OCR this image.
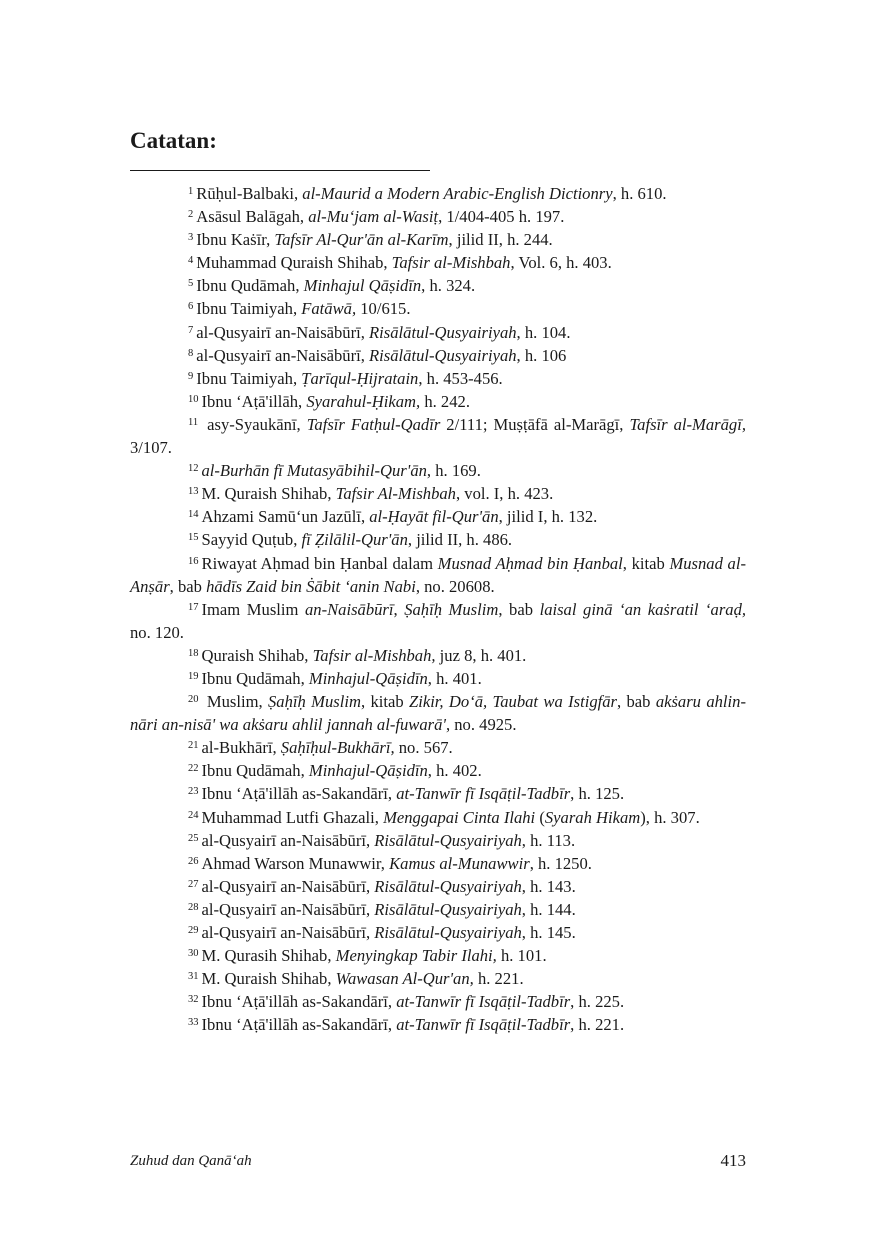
Catatan:
$^1$ Rūḥul-Balbaki, al-Maurid a Modern Arabic-English Dictionry, h. 610.
$^2$ Asāsul Balāgah, al-Mu‘jam al-Wasiṭ, 1/404-405 h. 197.
$^3$ Ibnu Kaṡīr, Tafsīr Al-Qur'ān al-Karīm, jilid II, h. 244.
$^4$ Muhammad Quraish Shihab, Tafsir al-Mishbah, Vol. 6, h. 403.
$^5$ Ibnu Qudāmah, Minhajul Qāṣidīn, h. 324.
$^6$ Ibnu Taimiyah, Fatāwā, 10/615.
$^7$ al-Qusyairī an-Naisābūrī, Risālātul-Qusyairiyah, h. 104.
$^8$ al-Qusyairī an-Naisābūrī, Risālātul-Qusyairiyah, h. 106
$^9$ Ibnu Taimiyah, Ṭarīqul-Ḥijratain, h. 453-456.
$^{10}$ Ibnu ‘Aṭā'illāh, Syarahul-Ḥikam, h. 242.
$^{11}$ asy-Syaukānī, Tafsīr Fatḥul-Qadīr 2/111; Muṣṭāfā al-Marāgī, Tafsīr al-Marāgī, 3/107.
$^{12}$ al-Burhān fī Mutasyābihil-Qur'ān, h. 169.
$^{13}$ M. Quraish Shihab, Tafsir Al-Mishbah, vol. I, h. 423.
$^{14}$ Ahzami Samū‘un Jazūlī, al-Ḥayāt fil-Qur'ān, jilid I, h. 132.
$^{15}$ Sayyid Quṭub, fī Ẓilālil-Qur'ān, jilid II, h. 486.
$^{16}$ Riwayat Aḥmad bin Ḥanbal dalam Musnad Aḥmad bin Ḥanbal, kitab Musnad al-Anṣār, bab hādīs Zaid bin Ṡābit ‘anin Nabi, no. 20608.
$^{17}$ Imam Muslim an-Naisābūrī, Ṣaḥīḥ Muslim, bab laisal ginā ‘an kaṡratil ‘araḍ, no. 120.
$^{18}$ Quraish Shihab, Tafsir al-Mishbah, juz 8, h. 401.
$^{19}$ Ibnu Qudāmah, Minhajul-Qāṣidīn, h. 401.
$^{20}$ Muslim, Ṣaḥīḥ Muslim, kitab Zikir, Do‘ā, Taubat wa Istigfār, bab akṡaru ahlin-nāri an-nisā' wa akṡaru ahlil jannah al-fuwarā', no. 4925.
$^{21}$ al-Bukhārī, Ṣaḥīḥul-Bukhārī, no. 567.
$^{22}$ Ibnu Qudāmah, Minhajul-Qāṣidīn, h. 402.
$^{23}$ Ibnu ‘Aṭā'illāh as-Sakandārī, at-Tanwīr fī Isqāṭil-Tadbīr, h. 125.
$^{24}$ Muhammad Lutfi Ghazali, Menggapai Cinta Ilahi (Syarah Hikam), h. 307.
$^{25}$ al-Qusyairī an-Naisābūrī, Risālātul-Qusyairiyah, h. 113.
$^{26}$ Ahmad Warson Munawwir, Kamus al-Munawwir, h. 1250.
$^{27}$ al-Qusyairī an-Naisābūrī, Risālātul-Qusyairiyah, h. 143.
$^{28}$ al-Qusyairī an-Naisābūrī, Risālātul-Qusyairiyah, h. 144.
$^{29}$ al-Qusyairī an-Naisābūrī, Risālātul-Qusyairiyah, h. 145.
$^{30}$ M. Qurasih Shihab, Menyingkap Tabir Ilahi, h. 101.
$^{31}$ M. Quraish Shihab, Wawasan Al-Qur'an, h. 221.
$^{32}$ Ibnu ‘Aṭā'illāh as-Sakandārī, at-Tanwīr fī Isqāṭil-Tadbīr, h. 225.
$^{33}$ Ibnu ‘Aṭā'illāh as-Sakandārī, at-Tanwīr fī Isqāṭil-Tadbīr, h. 221.
Zuhud dan Qanā‘ah	413
